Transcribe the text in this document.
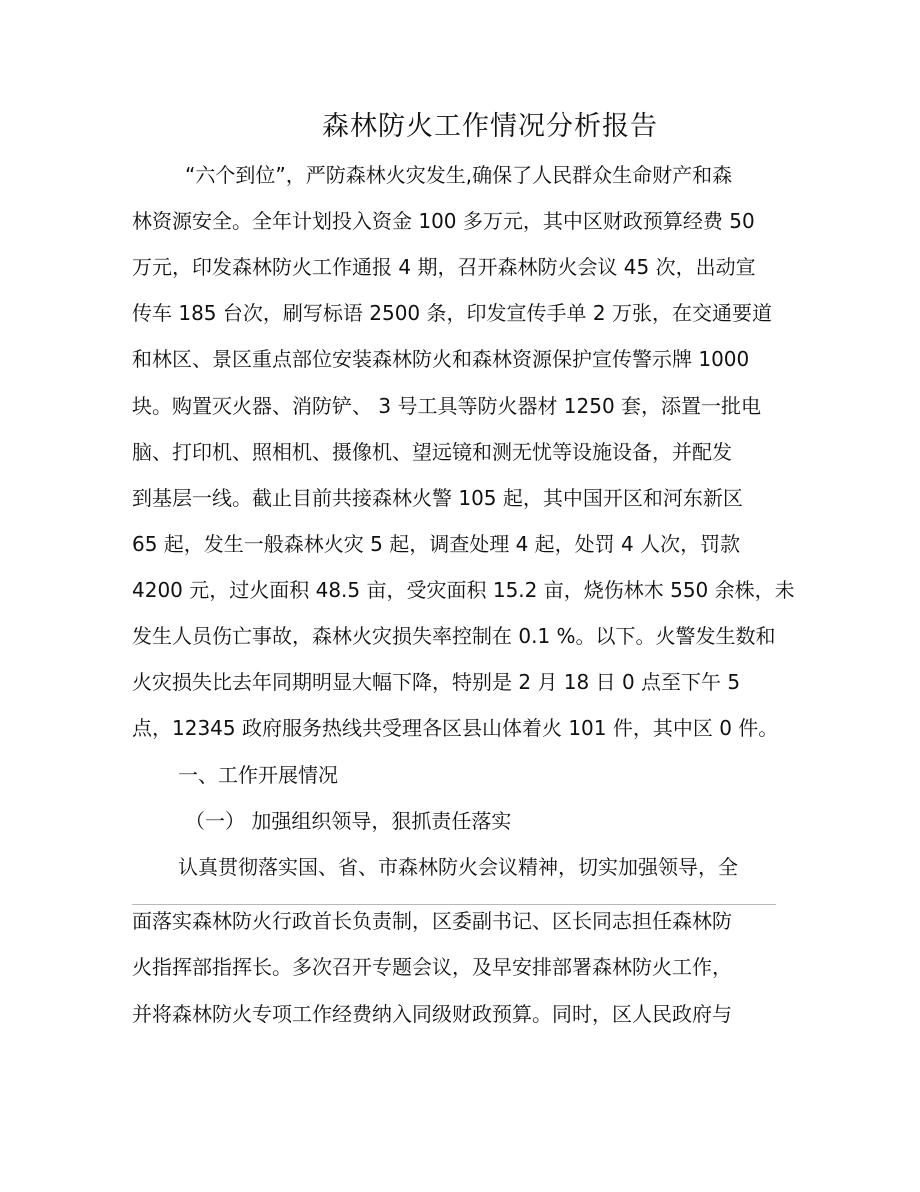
森林防火工作情况分析报告
“六个到位”，严防森林火灾发生,确保了人民群众生命财产和森
林资源安全。全年计划投入资金 100 多万元，其中区财政预算经费 50
万元，印发森林防火工作通报 4 期，召开森林防火会议 45 次，出动宣
传车 185 台次，刷写标语 2500 条，印发宣传手单 2 万张，在交通要道
和林区、景区重点部位安装森林防火和森林资源保护宣传警示牌 1000
块。购置灭火器、消防铲、 3 号工具等防火器材 1250 套，添置一批电
脑、打印机、照相机、摄像机、望远镜和测无忧等设施设备，并配发
到基层一线。截止目前共接森林火警 105 起，其中国开区和河东新区
65 起，发生一般森林火灾 5 起，调查处理 4 起，处罚 4 人次，罚款
4200 元，过火面积 48.5 亩，受灾面积 15.2 亩，烧伤林木 550 余株，未
发生人员伤亡事故，森林火灾损失率控制在 0.1 %。以下。火警发生数和
火灾损失比去年同期明显大幅下降，特别是 2 月 18 日 0 点至下午 5
点，12345 政府服务热线共受理各区县山体着火 101 件，其中区 0 件。
一、工作开展情况
（一） 加强组织领导，狠抓责任落实
认真贯彻落实国、省、市森林防火会议精神，切实加强领导，全
面落实森林防火行政首长负责制，区委副书记、区长同志担任森林防
火指挥部指挥长。多次召开专题会议，及早安排部署森林防火工作，
并将森林防火专项工作经费纳入同级财政预算。同时，区人民政府与
